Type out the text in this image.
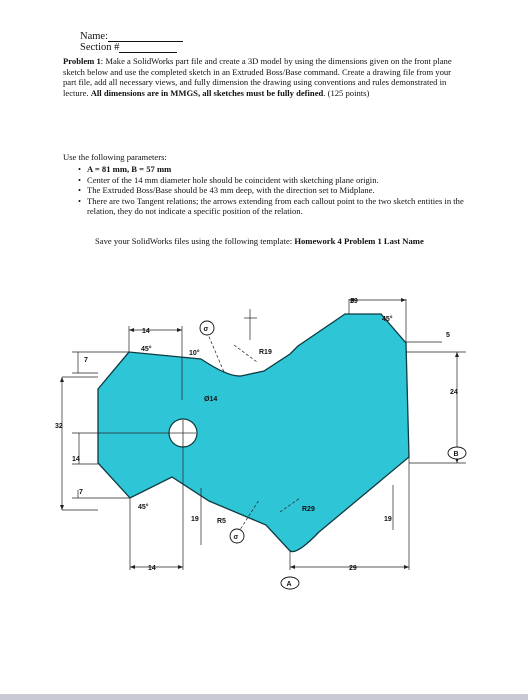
Name:
Section #
Problem 1: Make a SolidWorks part file and create a 3D model by using the dimensions given on the front plane sketch below and use the completed sketch in an Extruded Boss/Base command. Create a drawing file from your part file, add all necessary views, and fully dimension the drawing using conventions and rules demonstrated in lecture. All dimensions are in MMGS, all sketches must be fully defined. (125 points)
Use the following parameters:
• A = 81 mm, B = 57 mm
• Center of the 14 mm diameter hole should be coincident with sketching plane origin.
• The Extruded Boss/Base should be 43 mm deep, with the direction set to Midplane.
• There are two Tangent relations; the arrows extending from each callout point to the two sketch entities in the relation, they do not indicate a specific position of the relation.
Save your SolidWorks files using the following template: Homework 4 Problem 1 Last Name
14
45°
10°	R19
29
45°
5
7
24
Ø14
32
14
7
45°
19	R5
R29
19
14	29
A
B
σ
σ
